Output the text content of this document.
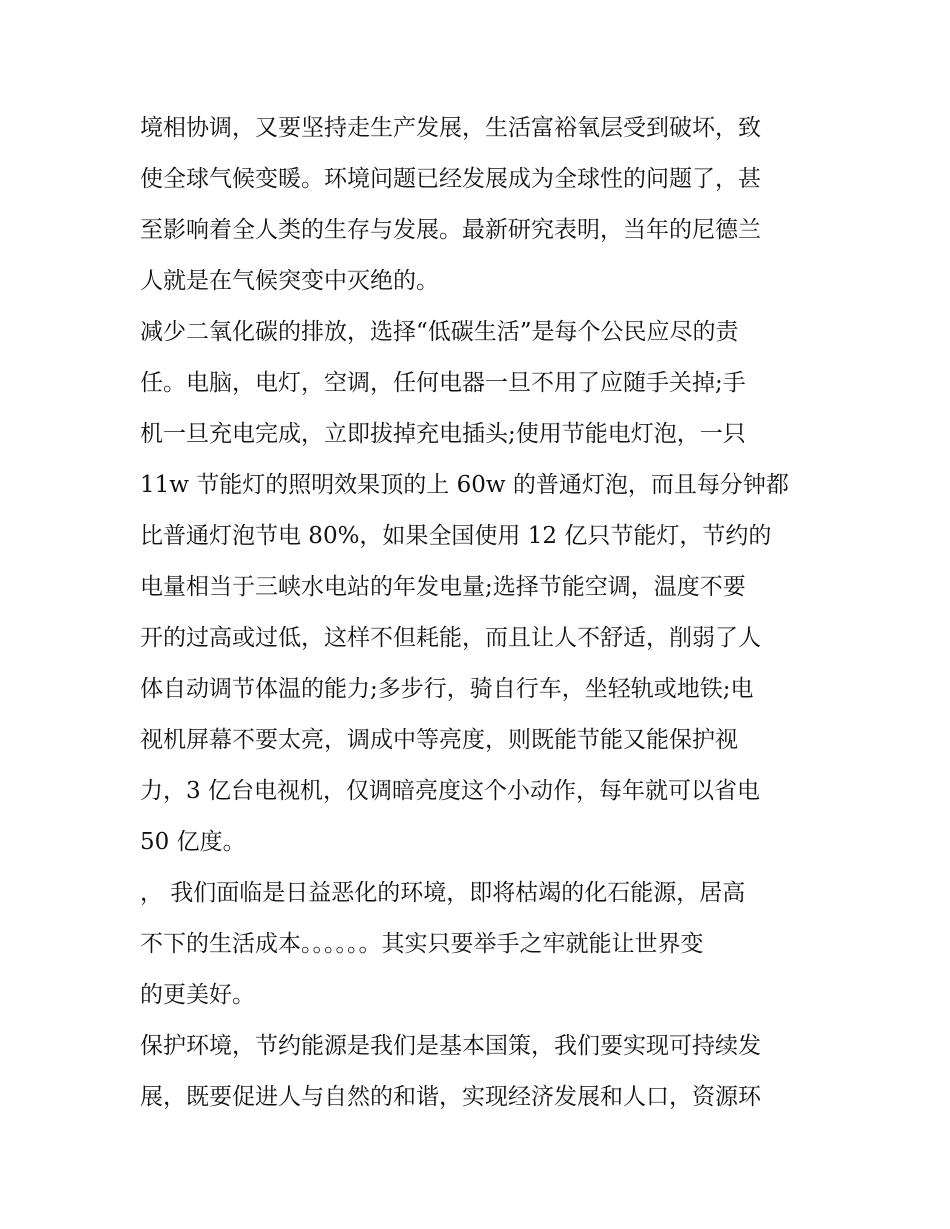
境相协调，又要坚持走生产发展，生活富裕氧层受到破坏，致
使全球气候变暖。环境问题已经发展成为全球性的问题了，甚
至影响着全人类的生存与发展。最新研究表明，当年的尼德兰
人就是在气候突变中灭绝的。
减少二氧化碳的排放，选择“低碳生活”是每个公民应尽的责
任。电脑，电灯，空调，任何电器一旦不用了应随手关掉;手
机一旦充电完成，立即拔掉充电插头;使用节能电灯泡，一只
11w 节能灯的照明效果顶的上 60w 的普通灯泡，而且每分钟都
比普通灯泡节电 80%，如果全国使用 12 亿只节能灯，节约的
电量相当于三峡水电站的年发电量;选择节能空调，温度不要
开的过高或过低，这样不但耗能，而且让人不舒适，削弱了人
体自动调节体温的能力;多步行，骑自行车，坐轻轨或地铁;电
视机屏幕不要太亮，调成中等亮度，则既能节能又能保护视
力，3 亿台电视机，仅调暗亮度这个小动作，每年就可以省电
50 亿度。
， 我们面临是日益恶化的环境，即将枯竭的化石能源，居高
不下的生活成本。。。。。。其实只要举手之牢就能让世界变
的更美好。
保护环境，节约能源是我们是基本国策，我们要实现可持续发
展，既要促进人与自然的和谐，实现经济发展和人口，资源环
